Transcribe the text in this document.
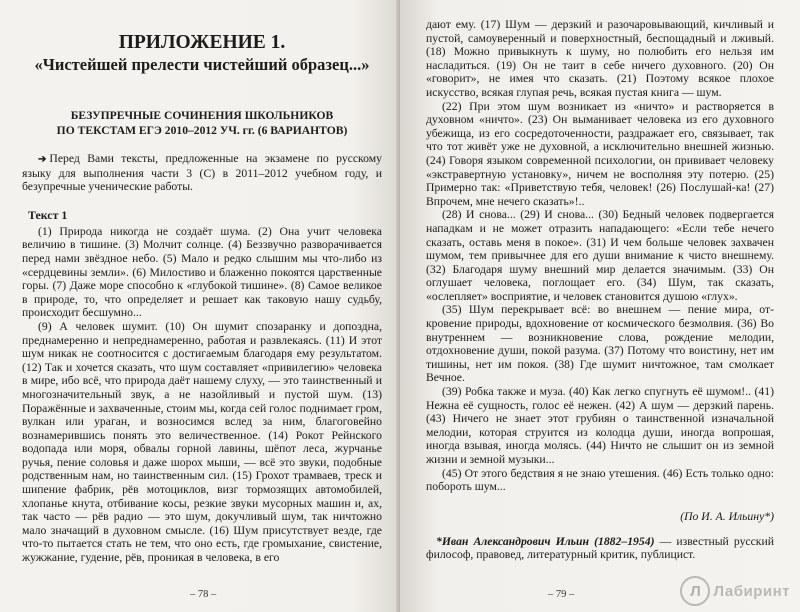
ПРИЛОЖЕНИЕ 1.
«Чистейшей прелести чистейший образец...»
БЕЗУПРЕЧНЫЕ СОЧИНЕНИЯ ШКОЛЬНИКОВ
ПО ТЕКСТАМ ЕГЭ 2010–2012 УЧ. гг. (6 ВАРИАНТОВ)

➔ Перед Вами тексты, предложенные на экзамене по русскому языку для выполнения части 3 (С) в 2011–2012 учебном году, и безупречные ученические работы.

Текст 1

(1) Природа никогда не создаёт шума. (2) Она учит человека величию в тишине. (3) Молчит солнце. (4) Беззвучно разворачивается перед нами звёздное небо. (5) Мало и редко слышим мы что-либо из «сердцевины земли». (6) Милостиво и блаженно покоятся царственные горы. (7) Даже море способно к «глубокой тишине». (8) Самое великое в природе, то, что определяет и решает как таковую нашу судьбу, происходит бесшумно...

(9) А человек шумит. (10) Он шумит спозаранку и допоздна, преднамеренно и непреднамеренно, работая и развлекаясь. (11) И этот шум никак не соотносится с достигаемым благодаря ему результатом. (12) Так и хочется сказать, что шум составляет «привилегию» человека в мире, ибо всё, что природа даёт нашему слуху, — это таинственный и многозначительный звук, а не назойливый и пустой шум. (13) Поражённые и захваченные, стоим мы, когда сей голос поднимает гром, вулкан или ураган, и возносимся вслед за ним, благоговейно вознамерившись понять это величественное. (14) Рокот Рейнского водопада или моря, обвалы горной лавины, шёпот леса, журчанье ручья, пение соловья и даже шорох мыши, — всё это звуки, подобные родственным нам, но таинственным сил. (15) Грохот трамваев, треск и шипение фабрик, рёв мотоциклов, визг тормозящих автомобилей, хлопанье кнута, отбивание косы, резкие звуки мусорных машин и, ах, так часто — рёв радио — это шум, докучливый шум, так ничтожно мало значащий в духовном смысле. (16) Шум присутствует везде, где что-то пытается стать не тем, что оно есть, где громыхание, свистение, жужжание, гудение, рёв, проникая в человека, в его

– 78 –

дают ему. (17) Шум — дерзкий и разочаровывающий, кичливый и пустой, самоуверенный и поверхностный, беспощадный и лживый. (18) Можно привыкнуть к шуму, но полюбить его нельзя им насладиться. (19) Он не таит в себе ничего духовного. (20) Он «говорит», не имея что сказать. (21) Поэтому всякое плохое искусство, всякая глупая речь, всякая пустая книга — шум.

(22) При этом шум возникает из «ничто» и растворяется в духовном «ничто». (23) Он выманивает человека из его духовного убежища, из его сосредоточенности, раздражает его, связывает, так что тот живёт уже не духовной, а исключительно внешней жизнью. (24) Говоря языком современной психологии, он прививает человеку «экстравертную установку», ничем не восполняя эту потерю. (25) Примерно так: «Приветствую тебя, человек! (26) Послушай-ка! (27) Впрочем, мне нечего сказать»!..

(28) И снова... (29) И снова... (30) Бедный человек подвергается нападкам и не может отразить нападающего: «Если тебе нечего сказать, оставь меня в покое». (31) И чем больше человек захвачен шумом, тем привычнее для его души внимание к чисто внешнему. (32) Благодаря шуму внешний мир делается значимым. (33) Он оглушает человека, поглощает его. (34) Шум, так сказать, «ослепляет» восприятие, и человек становится душою «глух».

(35) Шум перекрывает всё: во внешнем — пение мира, откровение природы, вдохновение от космического безмолвия. (36) Во внутреннем — возникновение слова, рождение мелодии, отдохновение души, покой разума. (37) Потому что воистину, нет им тишины, нет им покоя. (38) Где шумит ничтожное, там смолкает Вечное.

(39) Робка также и муза. (40) Как легко спугнуть её шумом!.. (41) Нежна её сущность, голос её нежен. (42) А шум — дерзкий парень. (43) Ничего не знает этот грубиян о таинственной изначальной мелодии, которая струится из колодца души, иногда вопрошая, иногда взывая, иногда молясь. (44) Ничто не слышит он из земной жизни и земной музыки...

(45) От этого бедствия я не знаю утешения. (46) Есть только одно: побороть шум...

(По И. А. Ильину*)
*Иван Александрович Ильин (1882–1954) — известный русский философ, правовед, литературный критик, публицист.
– 79 –	Л Лабиринт
